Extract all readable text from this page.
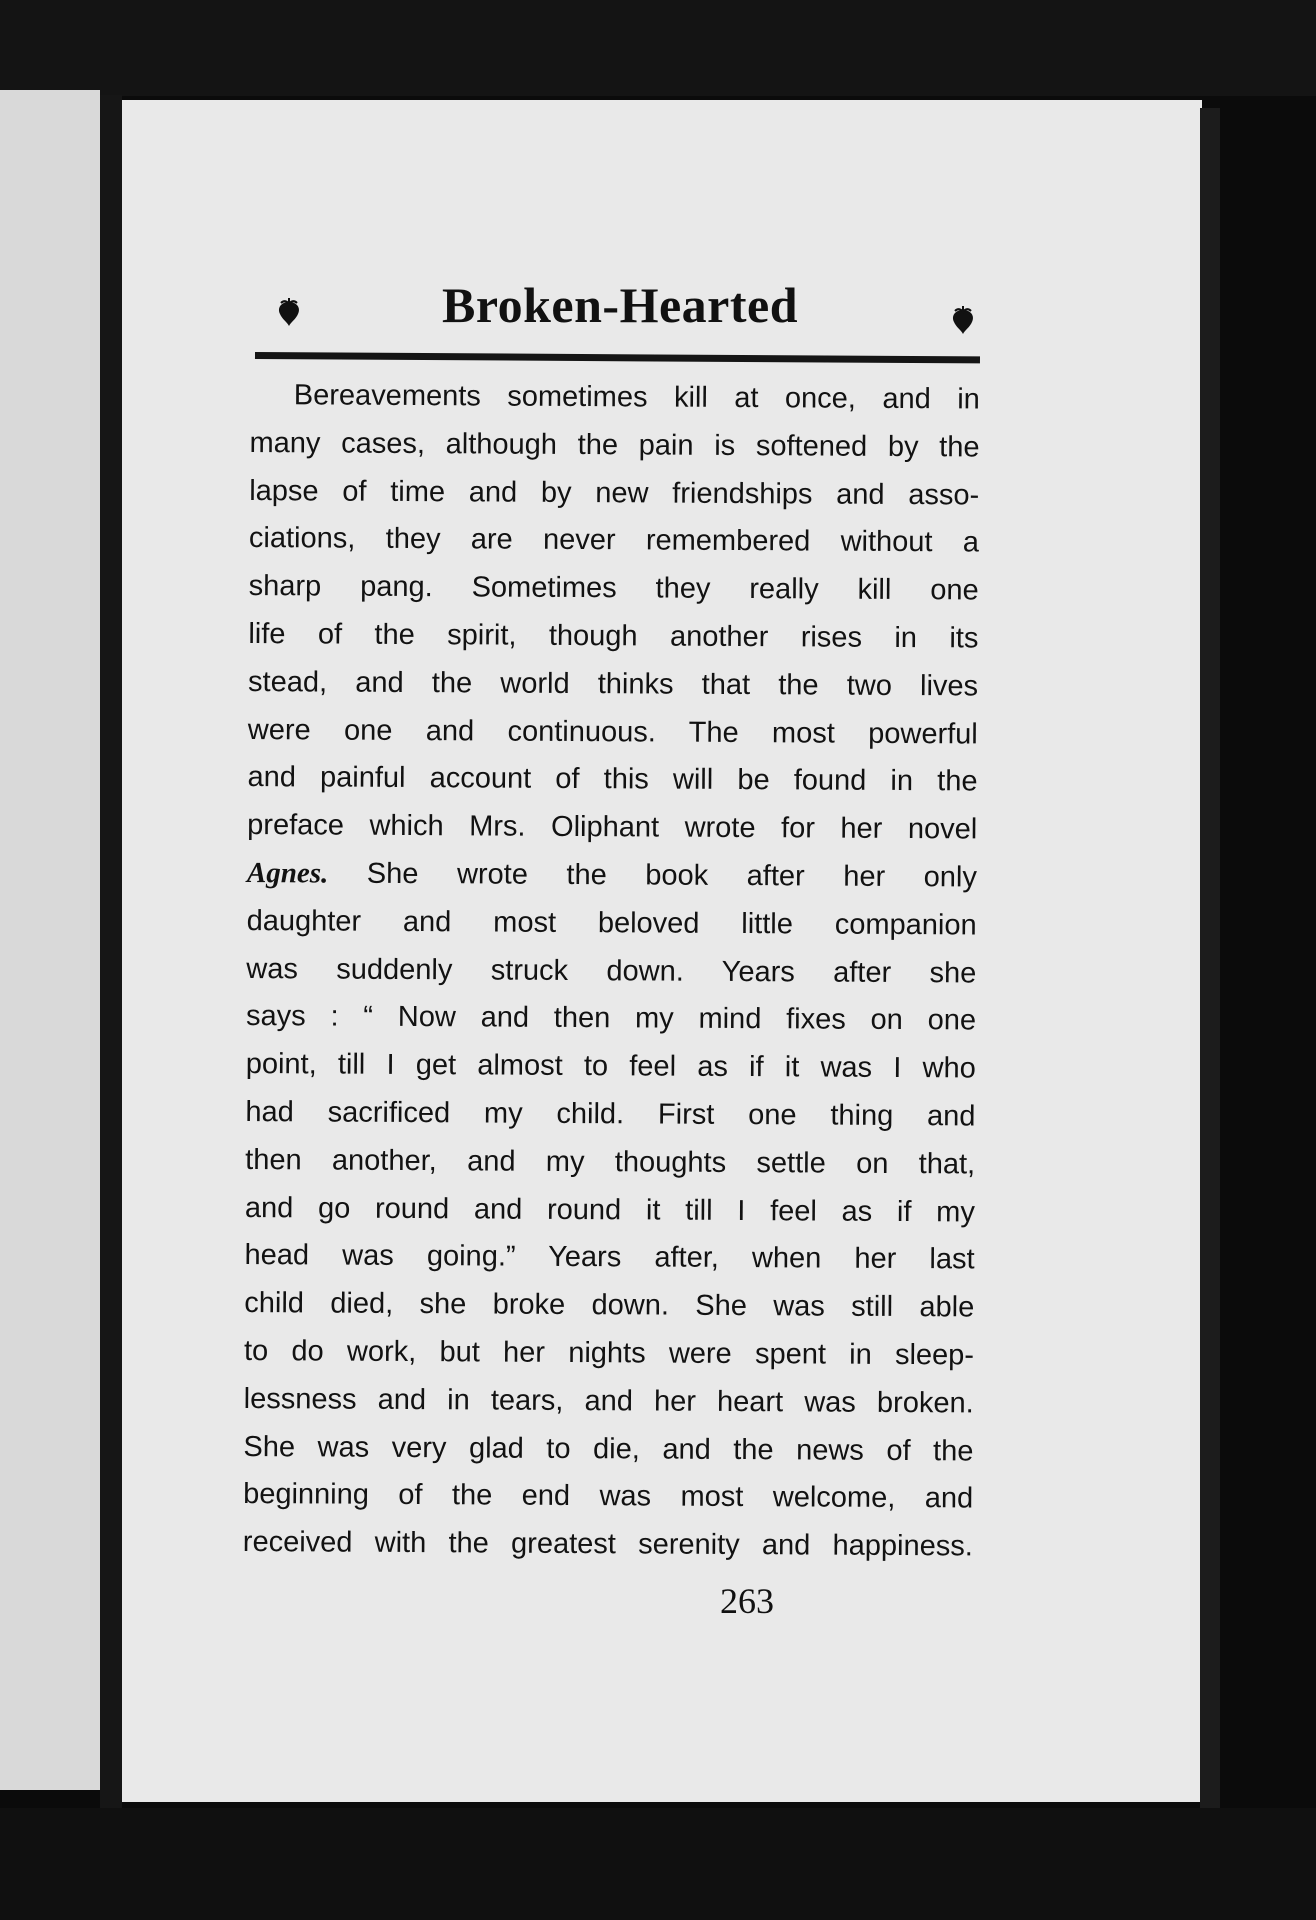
Broken-Hearted
Bereavements sometimes kill at once, and in
many cases, although the pain is softened by the
lapse of time and by new friendships and asso-
ciations, they are never remembered without a
sharp pang. Sometimes they really kill one
life of the spirit, though another rises in its
stead, and the world thinks that the two lives
were one and continuous. The most powerful
and painful account of this will be found in the
preface which Mrs. Oliphant wrote for her novel
Agnes. She wrote the book after her only
daughter and most beloved little companion
was suddenly struck down. Years after she
says : “ Now and then my mind fixes on one
point, till I get almost to feel as if it was I who
had sacrificed my child. First one thing and
then another, and my thoughts settle on that,
and go round and round it till I feel as if my
head was going.” Years after, when her last
child died, she broke down. She was still able
to do work, but her nights were spent in sleep-
lessness and in tears, and her heart was broken.
She was very glad to die, and the news of the
beginning of the end was most welcome, and
received with the greatest serenity and happiness.
263
